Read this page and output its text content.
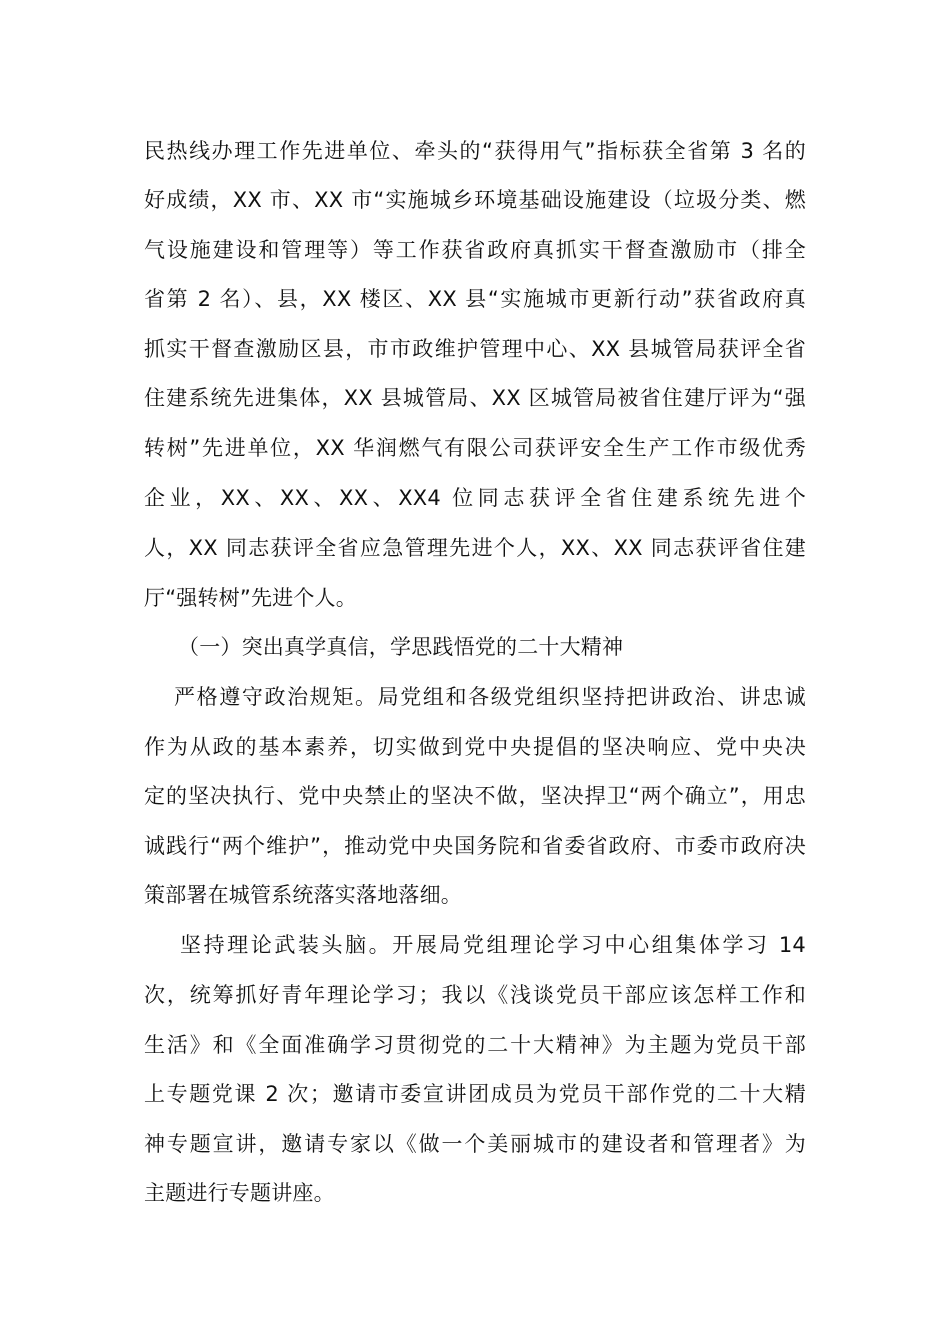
民热线办理工作先进单位、牵头的“获得用气”指标获全省第 3 名的
好成绩，XX 市、XX 市“实施城乡环境基础设施建设（垃圾分类、燃
气设施建设和管理等）等工作获省政府真抓实干督查激励市（排全
省第 2 名）、县，XX 楼区、XX 县“实施城市更新行动”获省政府真
抓实干督查激励区县，市市政维护管理中心、XX 县城管局获评全省
住建系统先进集体，XX 县城管局、XX 区城管局被省住建厅评为“强
转树”先进单位，XX 华润燃气有限公司获评安全生产工作市级优秀
企业，XX、XX、XX、XX4 位同志获评全省住建系统先进个
人，XX 同志获评全省应急管理先进个人，XX、XX 同志获评省住建
厅“强转树”先进个人。
（一）突出真学真信，学思践悟党的二十大精神
严格遵守政治规矩。局党组和各级党组织坚持把讲政治、讲忠诚
作为从政的基本素养，切实做到党中央提倡的坚决响应、党中央决
定的坚决执行、党中央禁止的坚决不做，坚决捍卫“两个确立”，用忠
诚践行“两个维护”，推动党中央国务院和省委省政府、市委市政府决
策部署在城管系统落实落地落细。
坚持理论武装头脑。开展局党组理论学习中心组集体学习 14
次，统筹抓好青年理论学习；我以《浅谈党员干部应该怎样工作和
生活》和《全面准确学习贯彻党的二十大精神》为主题为党员干部
上专题党课 2 次；邀请市委宣讲团成员为党员干部作党的二十大精
神专题宣讲，邀请专家以《做一个美丽城市的建设者和管理者》为
主题进行专题讲座。
